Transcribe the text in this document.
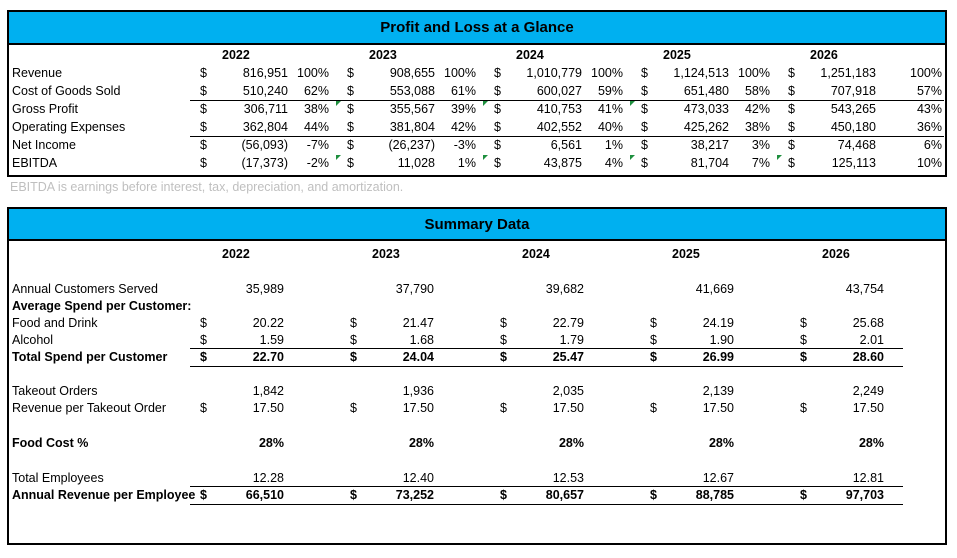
Profit and Loss at a Glance
2022	2023	2024	2025	2026
Revenue	$	816,951 100%	$	908,655 100%	$	1,010,779 100%	$	1,124,513 100%	$	1,251,183	100%
Cost of Goods Sold	$	510,240	62%	$	553,088	61%	$	600,027	59%	$	651,480	58%	$	707,918	57%
Gross Profit	$	306,711	38%	$	355,567	39%	$	410,753	41%	$	473,033	42%	$	543,265	43%
Operating Expenses	$	362,804	44%	$	381,804	42%	$	402,552	40%	$	425,262	38%	$	450,180	36%
Net Income	$	(56,093)	-7%	$	(26,237)	-3%	$	6,561	1%	$	38,217	3%	$	74,468	6%
EBITDA	$	(17,373)	-2%	$	11,028	1%	$	43,875	4%	$	81,704	7%	$	125,113	10%
EBITDA is earnings before interest, tax, depreciation, and amortization.
Summary Data
2022	2023	2024	2025	2026
Annual Customers Served	35,989	37,790	39,682	41,669	43,754
Average Spend per Customer:
Food and Drink	$	20.22	$	21.47	$	22.79	$	24.19	$	25.68
Alcohol	$	1.59	$	1.68	$	1.79	$	1.90	$	2.01
Total Spend per Customer	$	22.70	$	24.04	$	25.47	$	26.99	$	28.60
Takeout Orders	1,842	1,936	2,035	2,139	2,249
Revenue per Takeout Order	$	17.50	$	17.50	$	17.50	$	17.50	$	17.50
Food Cost %	28%	28%	28%	28%	28%
Total Employees	12.28	12.40	12.53	12.67	12.81
Annual Revenue per Employee $	66,510	$	73,252	$	80,657	$	88,785	$	97,703
